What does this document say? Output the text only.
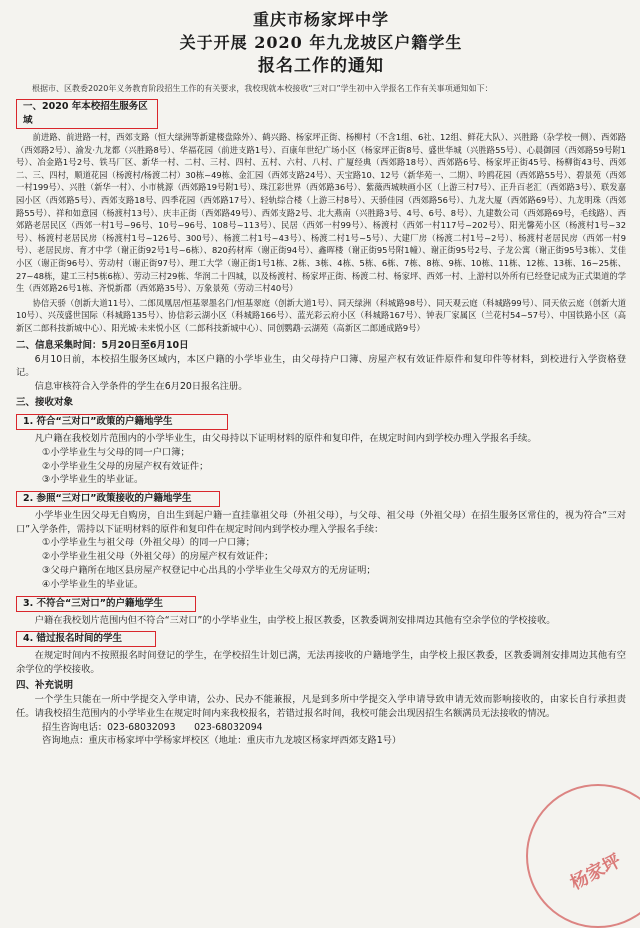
重庆市杨家坪中学
关于开展 2020 年九龙坡区户籍学生
报名工作的通知

根据市、区教委2020年义务教育阶段招生工作的有关要求，我校现就本校接收“三对口”学生初中入学报名工作有关事项通知如下：

一、2020 年本校招生服务区域

前进路、前进路一村，西郊支路（恒大绿洲等新建楼盘除外）、鹤兴路、杨家坪正街、杨柳村（不含1组、6社、12组、鲜花大队）、兴胜路（杂学校一侧）、西郊路（西郊路2号）、渝发·九龙都（兴胜路8号）、华福花园（前进支路1号）、百康年世纪广场小区（杨家坪正街8号、盛世华城（兴胜路55号）、心晨御园（西郊路59号附1号）、冶金路1号2号、铁马厂区、新华一村、二村、三村、四村、五村、六村、八村、广厦经典（西郊路18号）、西郊路6号、杨家坪正街45号、杨柳街43号、西郊二、三、四村，顺道花园（杨渡村/杨渡二村）30栋~49栋、金汇园（西郊支路24号）、天宝路10、12号（新华苑一、二期）、吟鸥花园（西郊路55号）、碧景苑（西郊一村199号）、兴胜（新华一村）、小市桃源（西郊路19号附1号）、珠江彩世界（西郊路36号）、紫薇西城映画小区（上游三村7号）、正升百老汇（西郊路3号）、联发嘉园小区（西郊路5号）、西郊支路18号、四季花园（西郊路17号）、轻轨综合楼（上游三村8号）、天骄佳园（西郊路56号）、九龙大厦（西郊路69号）、九龙明珠（西郊路55号）、祥和如意园（杨渡村13号）、庆丰正街（西郊路49号）、西郊支路2号、北大燕南（兴胜路3号、4号、6号、8号）、九建数公司（西郊路69号，毛线路）、西郊路老居民区（西郊一村1号~96号、10号~96号、108号~113号）、民居（西郊一村99号）、杨渡村（西郊一村117号~202号）、阳光馨苑小区（杨渡村1号~32号）、杨渡村老居民房（杨渡村1号~126号、300号）、杨渡二村1号~43号）、杨渡二村1号~5号）、大建厂房（杨渡二村1号~2号）、杨渡村老居民房（西郊一村9号）、老居民房、育才中学（谢正街92号1号~6栋）、820药材库（谢正街94号）、鑫晖楼（谢正街95号附1幢）、谢正街95号2号、子龙公寓（谢正街95号3栋）、艾佳小区（谢正街96号）、劳动村（谢正街97号）、理工大学（谢正街1号1栋、2栋、3栋、4栋、5栋、6栋、7栋、8栋、9栋、10栋、11栋、12栋、13栋、16~25栋、27~48栋，建工三村5栋6栋）、劳动三村29栋、华润二十四城，以及杨渡村、杨家坪正街、杨渡二村、杨家坪、西郊一村、上游村以外所有已经登记成为正式渠道的学生（西郊路26号1栋、齐悦新郡（西郊路35号）、万象景苑（劳动三村40号）

协信天骄（创新大道11号）、二郎凤凰居/恒基翠墨名门/恒基翠庭（创新大道1号）、同天绿洲（科城路98号）、同天观云庭（科城路99号）、同天依云庭（创新大道10号）、兴茂盛世国际（科城路135号）、协信彩云湖小区（科城路166号）、蓝光彩云府小区（科城路167号）、钟表厂家属区（兰花村54~57号）、中国铁路小区（高新区二郎科技新城中心）、阳光城·未来悦小区（二郎科技新城中心）、同创鹦鹉·云湖苑（高新区二郎通成路9号）

二、信息采集时间：5月20日至6月10日

6月10日前，本校招生服务区域内，本区户籍的小学毕业生，由父母持户口簿、房屋产权有效证件原件和复印件等材料，到校进行入学资格登记。

信息审核符合入学条件的学生在6月20日报名注册。

三、接收对象
1. 符合“三对口”政策的户籍地学生

凡户籍在我校划片范围内的小学毕业生，由父母持以下证明材料的原件和复印件，在规定时间内到学校办理入学报名手续。

①小学毕业生与父母的同一户口簿；
②小学毕业生父母的房屋产权有效证件；
③小学毕业生的毕业证。
2. 参照“三对口”政策接收的户籍地学生

小学毕业生因父母无自购房，自出生到起户籍一直挂靠祖父母（外祖父母），与父母、祖父母（外祖父母）在招生服务区常住的，视为符合“三对口”入学条件，需持以下证明材料的原件和复印件在规定时间内到学校办理入学报名手续：

①小学毕业生与祖父母（外祖父母）的同一户口簿；
②小学毕业生祖父母（外祖父母）的房屋产权有效证件；
③父母户籍所在地区县房屋产权登记中心出具的小学毕业生父母双方的无房证明；
④小学毕业生的毕业证。
3. 不符合“三对口”的户籍地学生

户籍在我校划片范围内但不符合“三对口”的小学毕业生，由学校上报区教委，区教委调剂安排周边其他有空余学位的学校接收。

4. 错过报名时间的学生

在规定时间内不按照报名时间登记的学生，在学校招生计划已满，无法再接收的户籍地学生，由学校上报区教委，区教委调剂安排周边其他有空余学位的学校接收。

四、补充说明

一个学生只能在一所中学提交入学申请，公办、民办不能兼报，凡是到多所中学提交入学申请导致申请无效而影响接收的，由家长自行承担责任。请我校招生范围内的小学毕业生在规定时间内来我校报名，若错过报名时间，我校可能会出现因招生名额满员无法接收的情况。

招生咨询电话：023-68032093　　023-68032094

咨询地点：重庆市杨家坪中学杨家坪校区（地址：重庆市九龙坡区杨家坪西郊支路1号）

杨家坪
